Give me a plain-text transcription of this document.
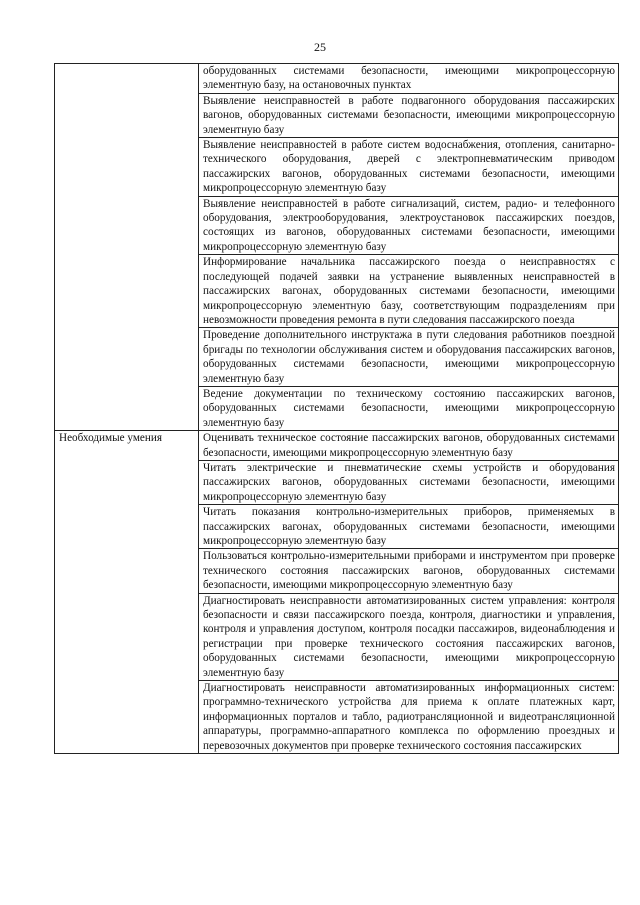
25
	оборудованных системами безопасности, имеющими микропроцессорную элементную базу, на остановочных пунктах
	Выявление неисправностей в работе подвагонного оборудования пассажирских вагонов, оборудованных системами безопасности, имеющими микропроцессорную элементную базу
	Выявление неисправностей в работе систем водоснабжения, отопления, санитарно-технического оборудования, дверей с электропневматическим приводом пассажирских вагонов, оборудованных системами безопасности, имеющими микропроцессорную элементную базу
	Выявление неисправностей в работе сигнализаций, систем, радио- и телефонного оборудования, электрооборудования, электроустановок пассажирских поездов, состоящих из вагонов, оборудованных системами безопасности, имеющими микропроцессорную элементную базу
	Информирование начальника пассажирского поезда о неисправностях с последующей подачей заявки на устранение выявленных неисправностей в пассажирских вагонах, оборудованных системами безопасности, имеющими микропроцессорную элементную базу, соответствующим подразделениям при невозможности проведения ремонта в пути следования пассажирского поезда
	Проведение дополнительного инструктажа в пути следования работников поездной бригады по технологии обслуживания систем и оборудования пассажирских вагонов, оборудованных системами безопасности, имеющими микропроцессорную элементную базу
	Ведение документации по техническому состоянию пассажирских вагонов, оборудованных системами безопасности, имеющими микропроцессорную элементную базу
Необходимые умения	Оценивать техническое состояние пассажирских вагонов, оборудованных системами безопасности, имеющими микропроцессорную элементную базу
	Читать электрические и пневматические схемы устройств и оборудования пассажирских вагонов, оборудованных системами безопасности, имеющими микропроцессорную элементную базу
	Читать показания контрольно-измерительных приборов, применяемых в пассажирских вагонах, оборудованных системами безопасности, имеющими микропроцессорную элементную базу
	Пользоваться контрольно-измерительными приборами и инструментом при проверке технического состояния пассажирских вагонов, оборудованных системами безопасности, имеющими микропроцессорную элементную базу
	Диагностировать неисправности автоматизированных систем управления: контроля безопасности и связи пассажирского поезда, контроля, диагностики и управления, контроля и управления доступом, контроля посадки пассажиров, видеонаблюдения и регистрации при проверке технического состояния пассажирских вагонов, оборудованных системами безопасности, имеющими микропроцессорную элементную базу
	Диагностировать неисправности автоматизированных информационных систем: программно-технического устройства для приема к оплате платежных карт, информационных порталов и табло, радиотрансляционной и видеотрансляционной аппаратуры, программно-аппаратного комплекса по оформлению проездных и перевозочных документов при проверке технического состояния пассажирских
